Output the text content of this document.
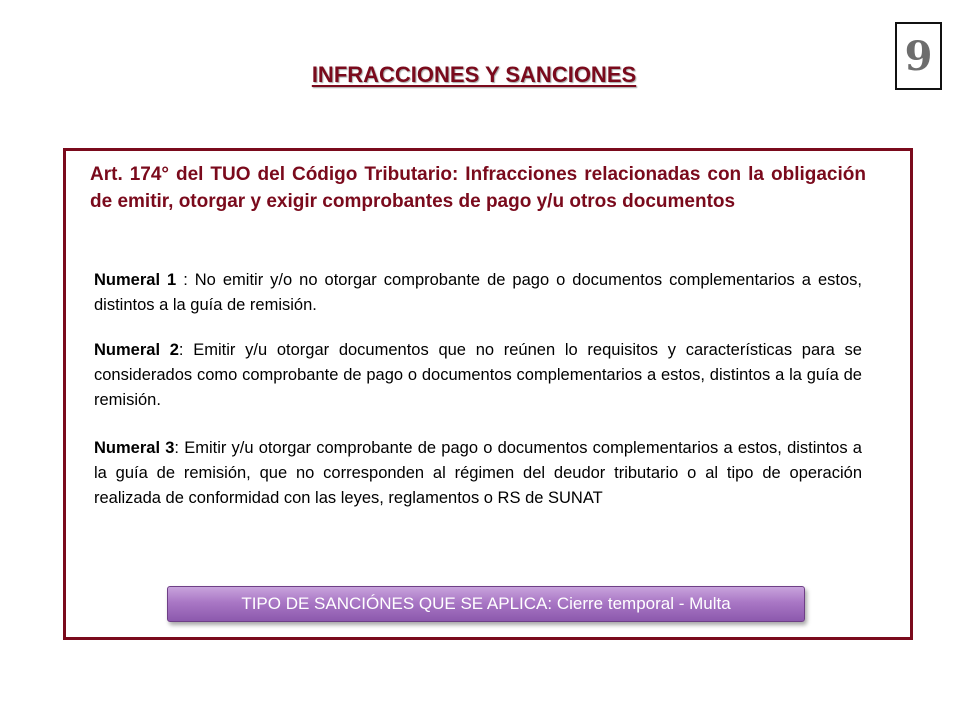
9
INFRACCIONES Y SANCIONES
Art. 174° del TUO del Código Tributario: Infracciones relacionadas con la obligación de emitir, otorgar y exigir comprobantes de pago y/u otros documentos
Numeral 1 : No emitir y/o no otorgar comprobante de pago o documentos complementarios a estos, distintos a la guía de remisión.
Numeral 2: Emitir y/u otorgar documentos que no reúnen lo requisitos y características para se considerados como comprobante de pago o documentos complementarios a estos, distintos a la guía de remisión.
Numeral 3: Emitir y/u otorgar comprobante de pago o documentos complementarios a estos, distintos a la guía de remisión, que no corresponden al régimen del deudor tributario o al tipo de operación realizada de conformidad con las leyes, reglamentos o RS de SUNAT
TIPO DE SANCIÓNES QUE SE APLICA: Cierre temporal - Multa
